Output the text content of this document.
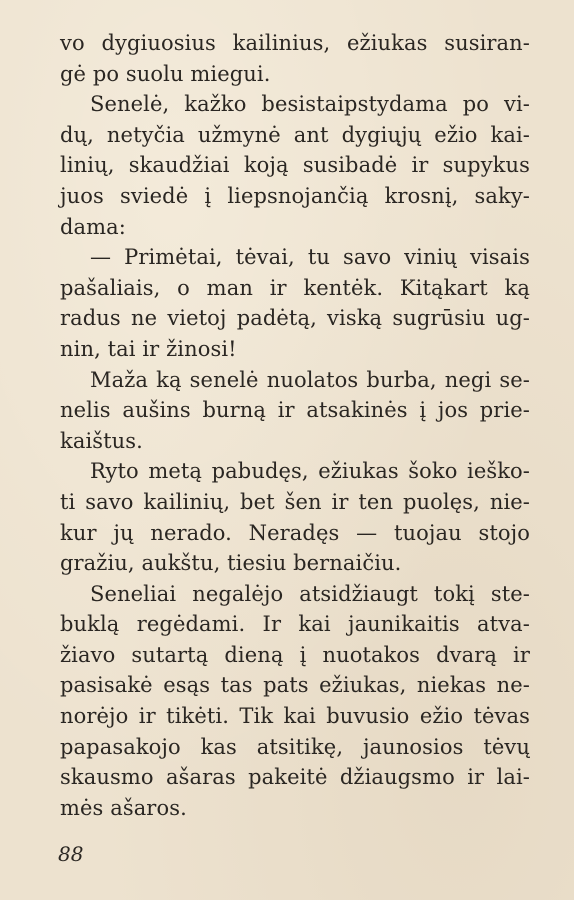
vo dygiuosius kailinius, ežiukas susiran-
gė po suolu miegui.
Senelė, kažko besistaipstydama po vi-
dų, netyčia užmynė ant dygiųjų ežio kai-
linių, skaudžiai koją susibadė ir supykus
juos sviedė į liepsnojančią krosnį, saky-
dama:
— Primėtai, tėvai, tu savo vinių visais
pašaliais, o man ir kentėk. Kitąkart ką
radus ne vietoj padėtą, viską sugrūsiu ug-
nin, tai ir žinosi!
Maža ką senelė nuolatos burba, negi se-
nelis aušins burną ir atsakinės į jos prie-
kaištus.
Ryto metą pabudęs, ežiukas šoko ieško-
ti savo kailinių, bet šen ir ten puolęs, nie-
kur jų nerado. Neradęs — tuojau stojo
gražiu, aukštu, tiesiu bernaičiu.
Seneliai negalėjo atsidžiaugt tokį ste-
buklą regėdami. Ir kai jaunikaitis atva-
žiavo sutartą dieną į nuotakos dvarą ir
pasisakė esąs tas pats ežiukas, niekas ne-
norėjo ir tikėti. Tik kai buvusio ežio tėvas
papasakojo kas atsitikę, jaunosios tėvų
skausmo ašaras pakeitė džiaugsmo ir lai-
mės ašaros.
88
